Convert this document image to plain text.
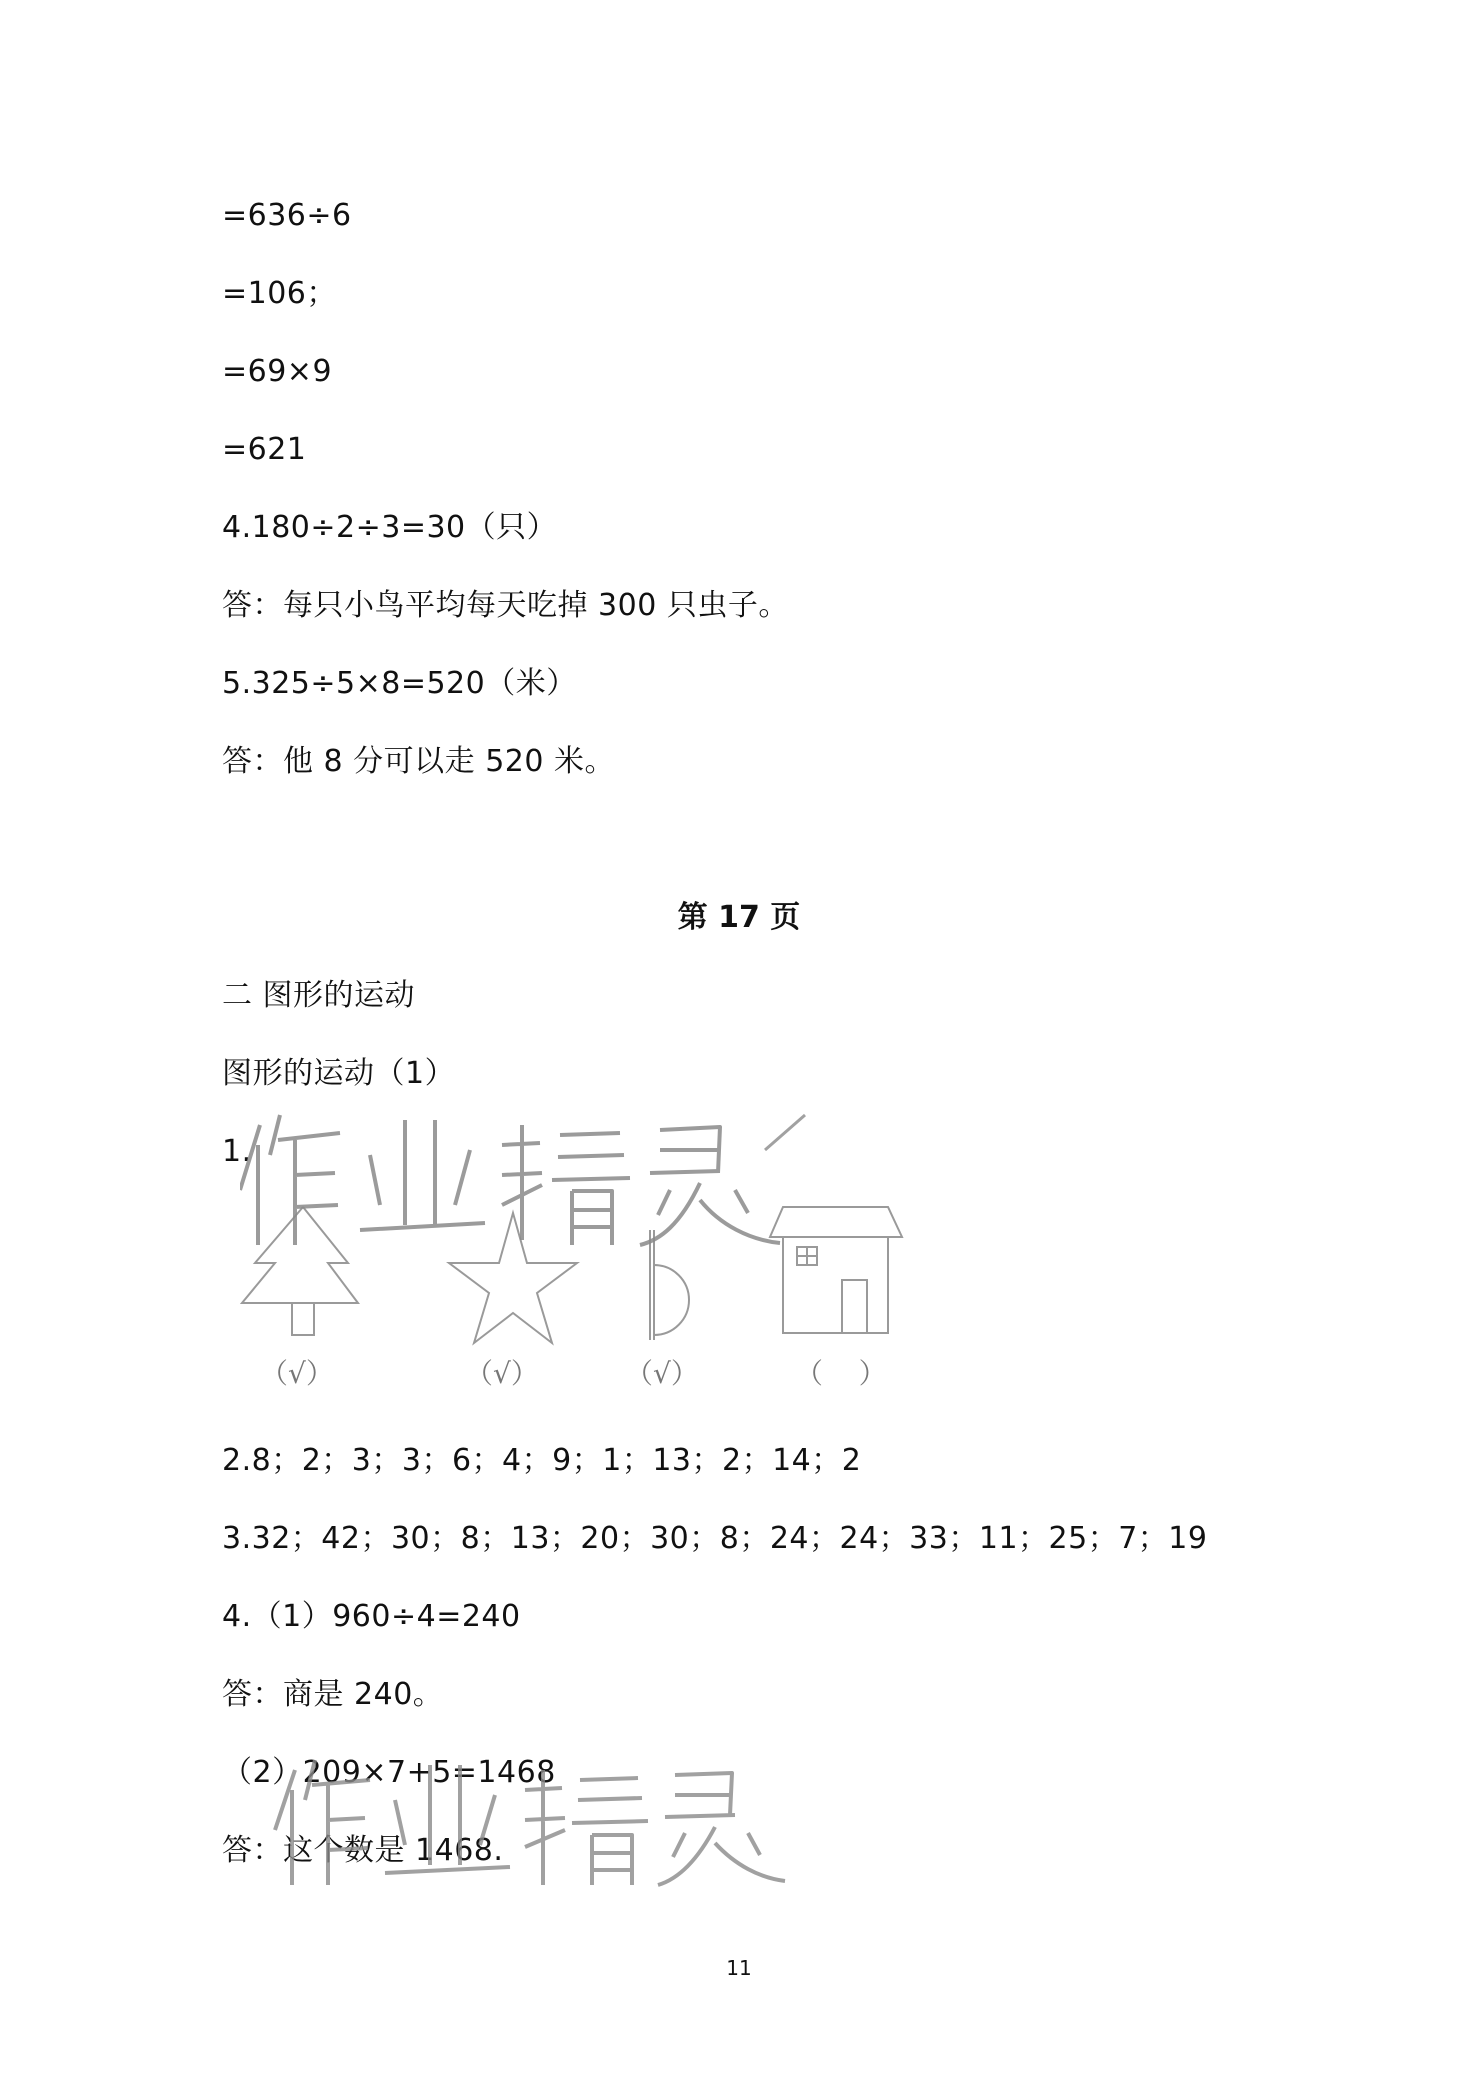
=636÷6
=106；
=69×9
=621
4.180÷2÷3=30（只）
答：每只小鸟平均每天吃掉 300 只虫子。
5.325÷5×8=520（米）
答：他 8 分可以走 520 米。
第 17 页
二 图形的运动
图形的运动（1）
1.
（√）	（√）	（√）	（    ）
2.8；2；3；3；6；4；9；1；13；2；14；2
3.32；42；30；8；13；20；30；8；24；24；33；11；25；7；19
4.（1）960÷4=240
答：商是 240。
（2）209×7+5=1468
答：这个数是 1468.
11
